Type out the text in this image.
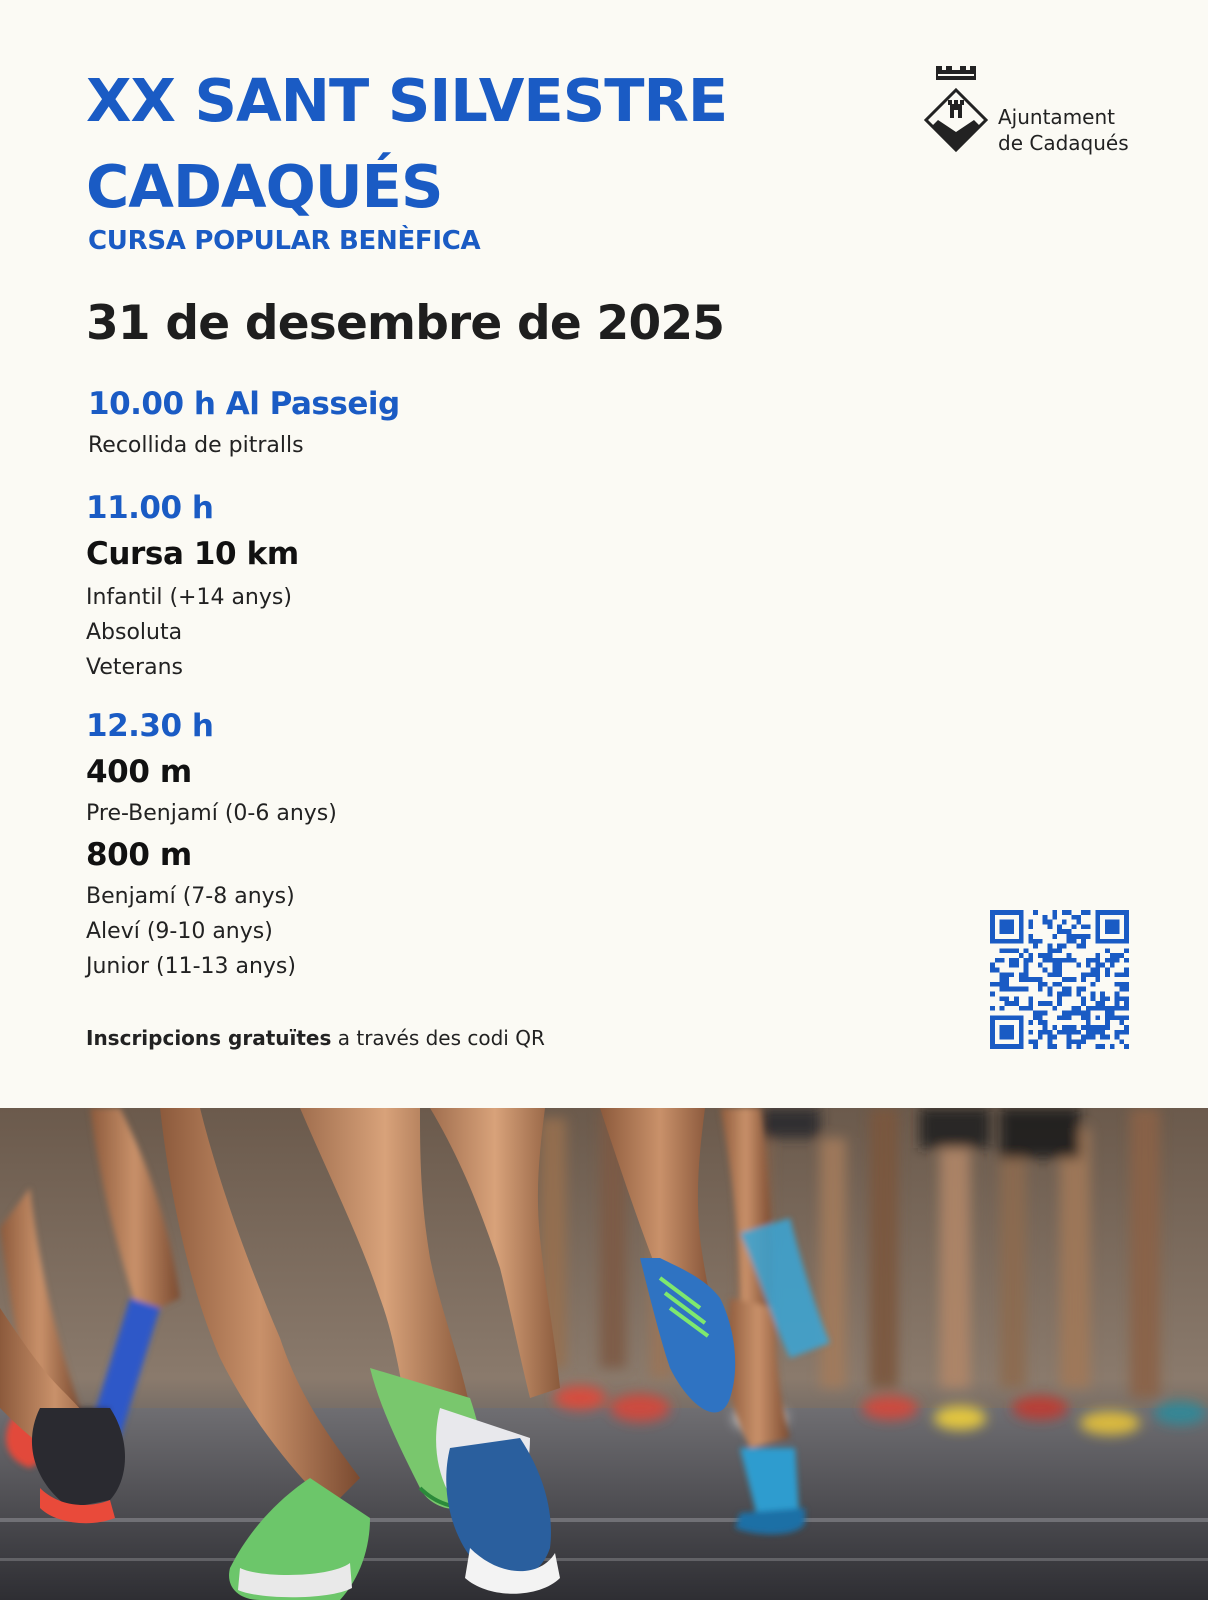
XX SANT SILVESTRE
CADAQUÉS
CURSA POPULAR BENÈFICA
31 de desembre de 2025
10.00 h Al Passeig
Recollida de pitralls
11.00 h
Cursa 10 km
Infantil (+14 anys)
Absoluta
Veterans
12.30 h
400 m
Pre-Benjamí (0-6 anys)
800 m
Benjamí (7-8 anys)
Aleví (9-10 anys)
Junior (11-13 anys)
Inscripcions gratuïtes a través des codi QR
Ajuntament
de Cadaqués
